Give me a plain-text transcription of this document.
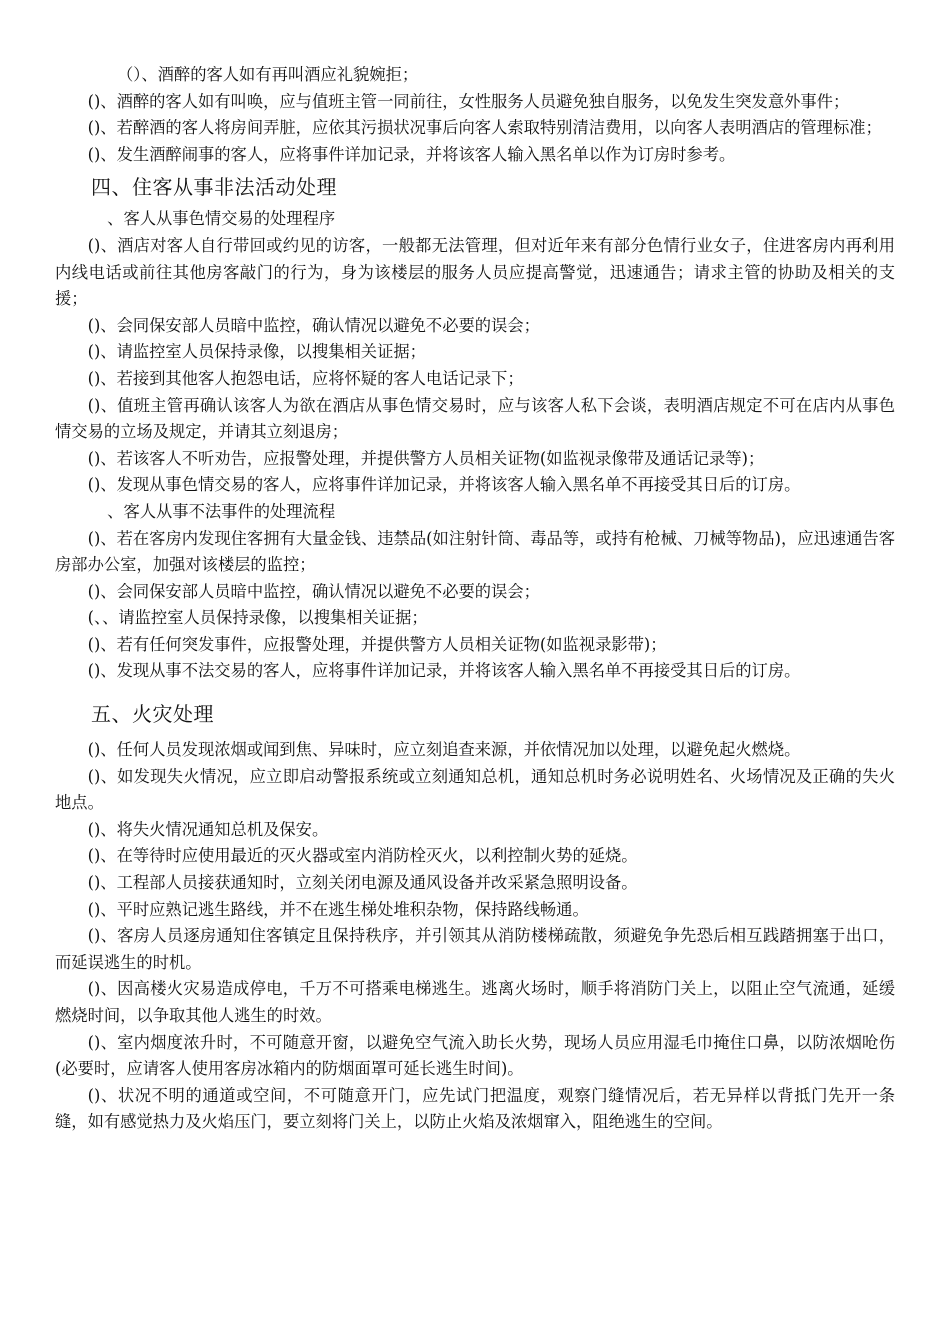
（）、酒醉的客人如有再叫酒应礼貌婉拒；

()、酒醉的客人如有叫唤，应与值班主管一同前往，女性服务人员避免独自服务，以免发生突发意外事件；

()、若醉酒的客人将房间弄脏，应依其污损状况事后向客人索取特别清洁费用，以向客人表明酒店的管理标准；

()、发生酒醉闹事的客人，应将事件详加记录，并将该客人输入黑名单以作为订房时参考。

四、住客从事非法活动处理

、客人从事色情交易的处理程序

()、酒店对客人自行带回或约见的访客，一般都无法管理，但对近年来有部分色情行业女子，住进客房内再利用内线电话或前往其他房客敲门的行为，身为该楼层的服务人员应提高警觉，迅速通告；请求主管的协助及相关的支援；

()、会同保安部人员暗中监控，确认情况以避免不必要的误会；

()、请监控室人员保持录像，以搜集相关证据；

()、若接到其他客人抱怨电话，应将怀疑的客人电话记录下；

()、值班主管再确认该客人为欲在酒店从事色情交易时，应与该客人私下会谈，表明酒店规定不可在店内从事色情交易的立场及规定，并请其立刻退房；

()、若该客人不听劝告，应报警处理，并提供警方人员相关证物(如监视录像带及通话记录等)；

()、发现从事色情交易的客人，应将事件详加记录，并将该客人输入黑名单不再接受其日后的订房。

、客人从事不法事件的处理流程

()、若在客房内发现住客拥有大量金钱、违禁品(如注射针筒、毒品等，或持有枪械、刀械等物品)，应迅速通告客房部办公室，加强对该楼层的监控；

()、会同保安部人员暗中监控，确认情况以避免不必要的误会；

(、、请监控室人员保持录像，以搜集相关证据；

()、若有任何突发事件，应报警处理，并提供警方人员相关证物(如监视录影带)；

()、发现从事不法交易的客人，应将事件详加记录，并将该客人输入黑名单不再接受其日后的订房。

五、火灾处理

()、任何人员发现浓烟或闻到焦、异味时，应立刻追查来源，并依情况加以处理，以避免起火燃烧。

()、如发现失火情况，应立即启动警报系统或立刻通知总机，通知总机时务必说明姓名、火场情况及正确的失火地点。

()、将失火情况通知总机及保安。

()、在等待时应使用最近的灭火器或室内消防栓灭火，以利控制火势的延烧。

()、工程部人员接获通知时，立刻关闭电源及通风设备并改采紧急照明设备。

()、平时应熟记逃生路线，并不在逃生梯处堆积杂物，保持路线畅通。

()、客房人员逐房通知住客镇定且保持秩序，并引领其从消防楼梯疏散，须避免争先恐后相互践踏拥塞于出口，而延误逃生的时机。

()、因高楼火灾易造成停电，千万不可搭乘电梯逃生。逃离火场时，顺手将消防门关上，以阻止空气流通，延缓燃烧时间，以争取其他人逃生的时效。

()、室内烟度浓升时，不可随意开窗，以避免空气流入助长火势，现场人员应用湿毛巾掩住口鼻，以防浓烟呛伤(必要时，应请客人使用客房冰箱内的防烟面罩可延长逃生时间)。

()、状况不明的通道或空间，不可随意开门，应先试门把温度，观察门缝情况后，若无异样以背抵门先开一条缝，如有感觉热力及火焰压门，要立刻将门关上，以防止火焰及浓烟窜入，阻绝逃生的空间。
